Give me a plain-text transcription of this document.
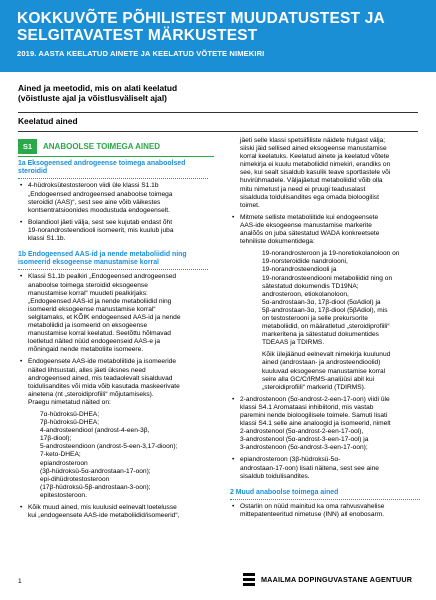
KOKKUVÕTE PÕHILISTEST MUUDATUSTEST JA
SELGITAVATEST MÄRKUSTEST
2019. AASTA KEELATUD AINETE JA KEELATUD VÕTETE NIMEKIRI
Ained ja meetodid, mis on alati keelatud
(võistluste ajal ja võistlusväliselt ajal)
Keelatud ained
S1	ANABOOLSE TOIMEGA AINED
1a Eksogeensed androgeense toimega anaboolsed
steroidid
• 4-hüdroksütestosteroon viidi ûle klassi S1.1b
„Endogeensed androgeensed anaboolse toimega
steroidid (AAS)“, sest see aine võib väikestes
kontsentratsioonides moodustuda endogeenselt.
• Bolandiool jäeti välja, sest see kujutab endast õht
19-norandrosteendiooli isomeerit, mis kuulub juba
klassi S1.1b.
1b Endogeensed AAS-id ja nende metaboliidid ning
isomeerid eksogeense manustamise korral
• Klassi S1.1b pealkiri „Endogeensed androgeensed
anaboolse toimega steroidid eksogeense
manustamise korral“ muudeti pealkirjaks:
„Endogeensed AAS-id ja nende metaboliidid ning
isomeerid eksogeense manustamise korral“
selgitamaks, et KÕIK endogeensed AAS-id ja nende
metaboliidid ja isomeerid on eksogeense
manustamise korral keelatud. Seetõttu hõlmavad
loetletud näited nüüd endogeenseid AAS-e ja
mõningaid nende metaboliite isomeere.
• Endogeensete AAS-ide metaboliitide ja isomeeride
näited lihtsustati, alles jäeti üksnes need
androgeensed ained, mis teadaolevalt sisalduvad
toidulisandites või mida võib kasutada maskeerivate
ainetena (nt „steroidiprofiili“ mõjutamiseks).
Praegu nimetatud näited on:
7α-hüdroksü-DHEA;
7β-hüdroksü-DHEA;
4-androsteendiool (androst-4-een-3β,
17β-diool);
5-androsteendioon (androst-5-een-3,17-dioon);
7-keto-DHEA;
epiandrosteroon
(3β-hüdroksü-5α-androstaan-17-oon);
epi-dihüdrotestosteroon
(17β-hüdroksü-5β-androstaan-3-oon);
epitestosteroon.
• Kõik muud ained, mis kuulusid eelnevalt loetelusse
kui „endogeensete AAS-ide metaboliidid/isomeerid“,
jäeti selle klassi spetsiifiliste näidete hulgast välja;
siiski jäid sellised ained eksogeense manustamise
korral keelatuks. Keelatud ainete ja keelatud võtete
nimekirja ei kuulu metaboliidid nimekiri, erandiks on
see, kui sealt sisaldub kasulik teave sportlastele või
huvirühmadele. Väljajäetud metaboliidid võib olla
mitu nimetust ja need ei pruugi teadusalast
sisalduda toidulisandites ega omada bioloogilist
toimet.
• Mitmete selliste metaboliitide kui endogeensete
AAS-ide eksogeense manustamise markerite
analõõs on juba sätestatud WADA konkreetsete
tehniliste dokumentidega:
19-norandrosteroon ja 19-noretiokolanoloon on
19-norsteroidide nandrolooni,
19-norandrosteendiooli ja
19-norandrosteendiooni metaboliidid ning on
sätestatud dokumendis TD19NA;
androsteroon, etiokolanoloon,
5α-androstaan-3α, 17β-diool (5αAdiol) ja
5β-androstaan-3α, 17β-diool (5βAdiol), mis
on testosterooni ja selle prekursorite
metaboliidid, on määratletud „steroidiprofiili“
markeritena ja sätestatud dokumentides
TDEAAS ja TDIRMS.
Kõik ülejäänud eelnevalt nimekirja kuulunud
ained (androstaan- ja androsteendioolid)
kuuluvad eksogeense manustamise korral
seire alla GC/C/IRMS-analüüsi abil kui
„steroidiprofiili“ markerid (TDIRMS).
• 2-androstenoon (5α-androst-2-een-17-oon) viidi ûle
klassi S4.1 Aromataasi inhibiitorid, mis vastab
paremini nende bioloogilisele toimele. Samuti lisati
klassi S4.1 selle aine analoogid ja isomeerid, nimelt
2-androstenool (5α-androst-2-een-17-ool),
3-androstenool (5α-androst-3-een-17-ool) ja
3-androstenoon (5α-androst-3-een-17-oon);
• epiandrosteroon (3β-hüdroksü-5α-
androstaan-17-oon) lisati näitena, sest see aine
sisaldub toidulisandites.
2 Muud anaboolse toimega ained
• Ostarlin on nüüd mainitud ka oma rahvusvahelise
mittepatenteeritud nimetuse (INN) all enobosarm.
1	MAAILMA DOPINGUVASTANE AGENTUUR
